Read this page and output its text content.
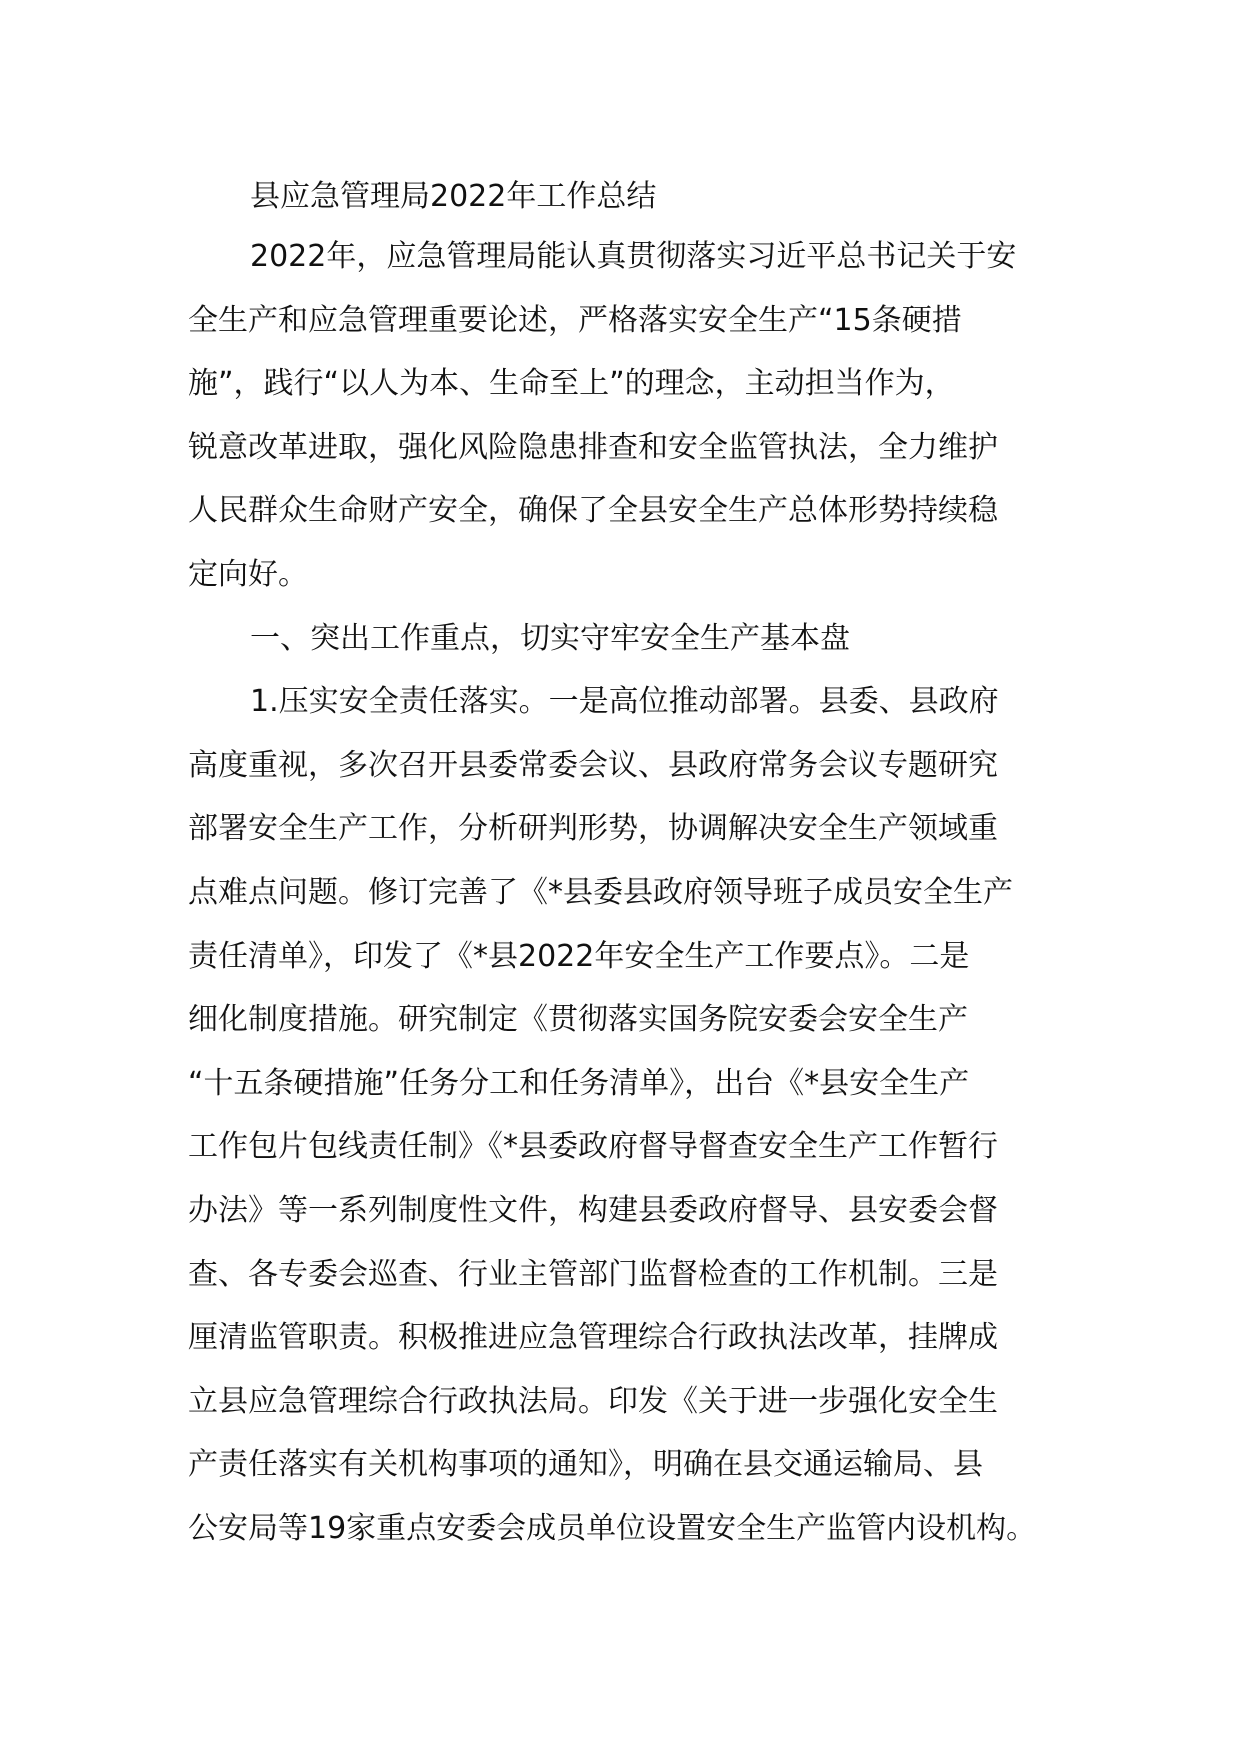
县应急管理局2022年工作总结
2022年，应急管理局能认真贯彻落实习近平总书记关于安
全生产和应急管理重要论述，严格落实安全生产“15条硬措
施”，践行“以人为本、生命至上”的理念，主动担当作为，
锐意改革进取，强化风险隐患排查和安全监管执法，全力维护
人民群众生命财产安全，确保了全县安全生产总体形势持续稳
定向好。
一、突出工作重点，切实守牢安全生产基本盘
1.压实安全责任落实。一是高位推动部署。县委、县政府
高度重视，多次召开县委常委会议、县政府常务会议专题研究
部署安全生产工作，分析研判形势，协调解决安全生产领域重
点难点问题。修订完善了《*县委县政府领导班子成员安全生产
责任清单》，印发了《*县2022年安全生产工作要点》。二是
细化制度措施。研究制定《贯彻落实国务院安委会安全生产
“十五条硬措施”任务分工和任务清单》，出台《*县安全生产
工作包片包线责任制》《*县委政府督导督查安全生产工作暂行
办法》等一系列制度性文件，构建县委政府督导、县安委会督
查、各专委会巡查、行业主管部门监督检查的工作机制。三是
厘清监管职责。积极推进应急管理综合行政执法改革，挂牌成
立县应急管理综合行政执法局。印发《关于进一步强化安全生
产责任落实有关机构事项的通知》，明确在县交通运输局、县
公安局等19家重点安委会成员单位设置安全生产监管内设机构。
